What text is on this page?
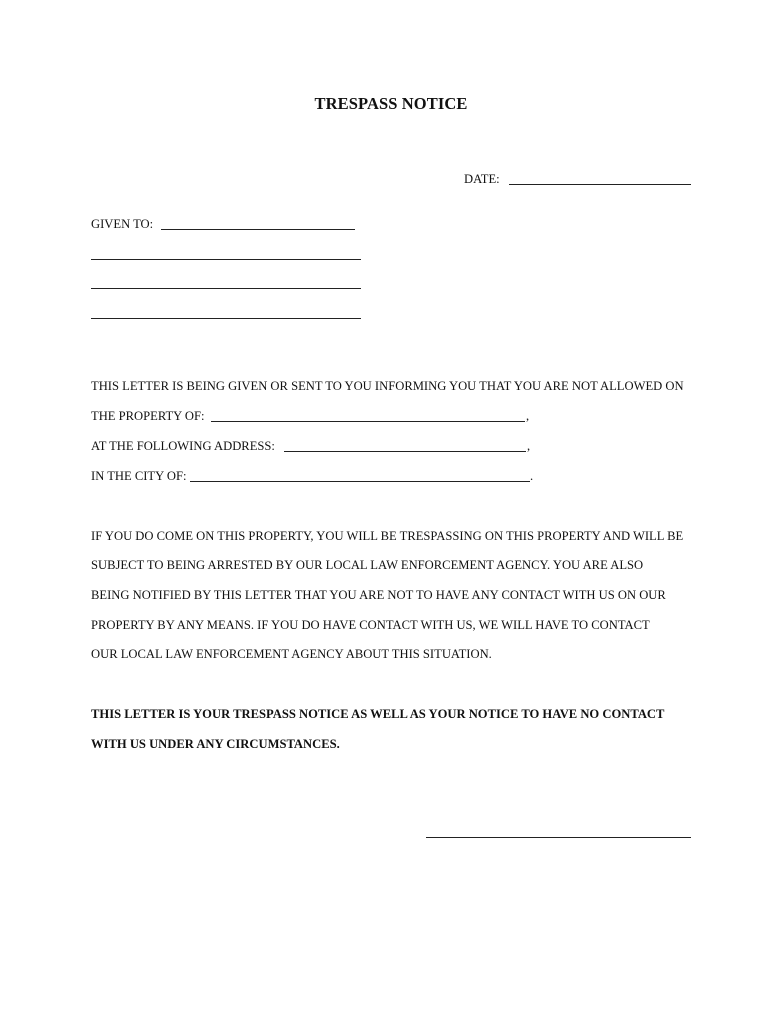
TRESPASS NOTICE
DATE:
GIVEN TO:
THIS LETTER IS BEING GIVEN OR SENT TO YOU INFORMING YOU THAT YOU ARE NOT ALLOWED ON
THE PROPERTY OF:	,
AT THE FOLLOWING ADDRESS:	,
IN THE CITY OF:	.
IF YOU DO COME ON THIS PROPERTY, YOU WILL BE TRESPASSING ON THIS PROPERTY AND WILL BE
SUBJECT TO BEING ARRESTED BY OUR LOCAL LAW ENFORCEMENT AGENCY. YOU ARE ALSO
BEING NOTIFIED BY THIS LETTER THAT YOU ARE NOT TO HAVE ANY CONTACT WITH US ON OUR
PROPERTY BY ANY MEANS. IF YOU DO HAVE CONTACT WITH US, WE WILL HAVE TO CONTACT
OUR LOCAL LAW ENFORCEMENT AGENCY ABOUT THIS SITUATION.
THIS LETTER IS YOUR TRESPASS NOTICE AS WELL AS YOUR NOTICE TO HAVE NO CONTACT
WITH US UNDER ANY CIRCUMSTANCES.
